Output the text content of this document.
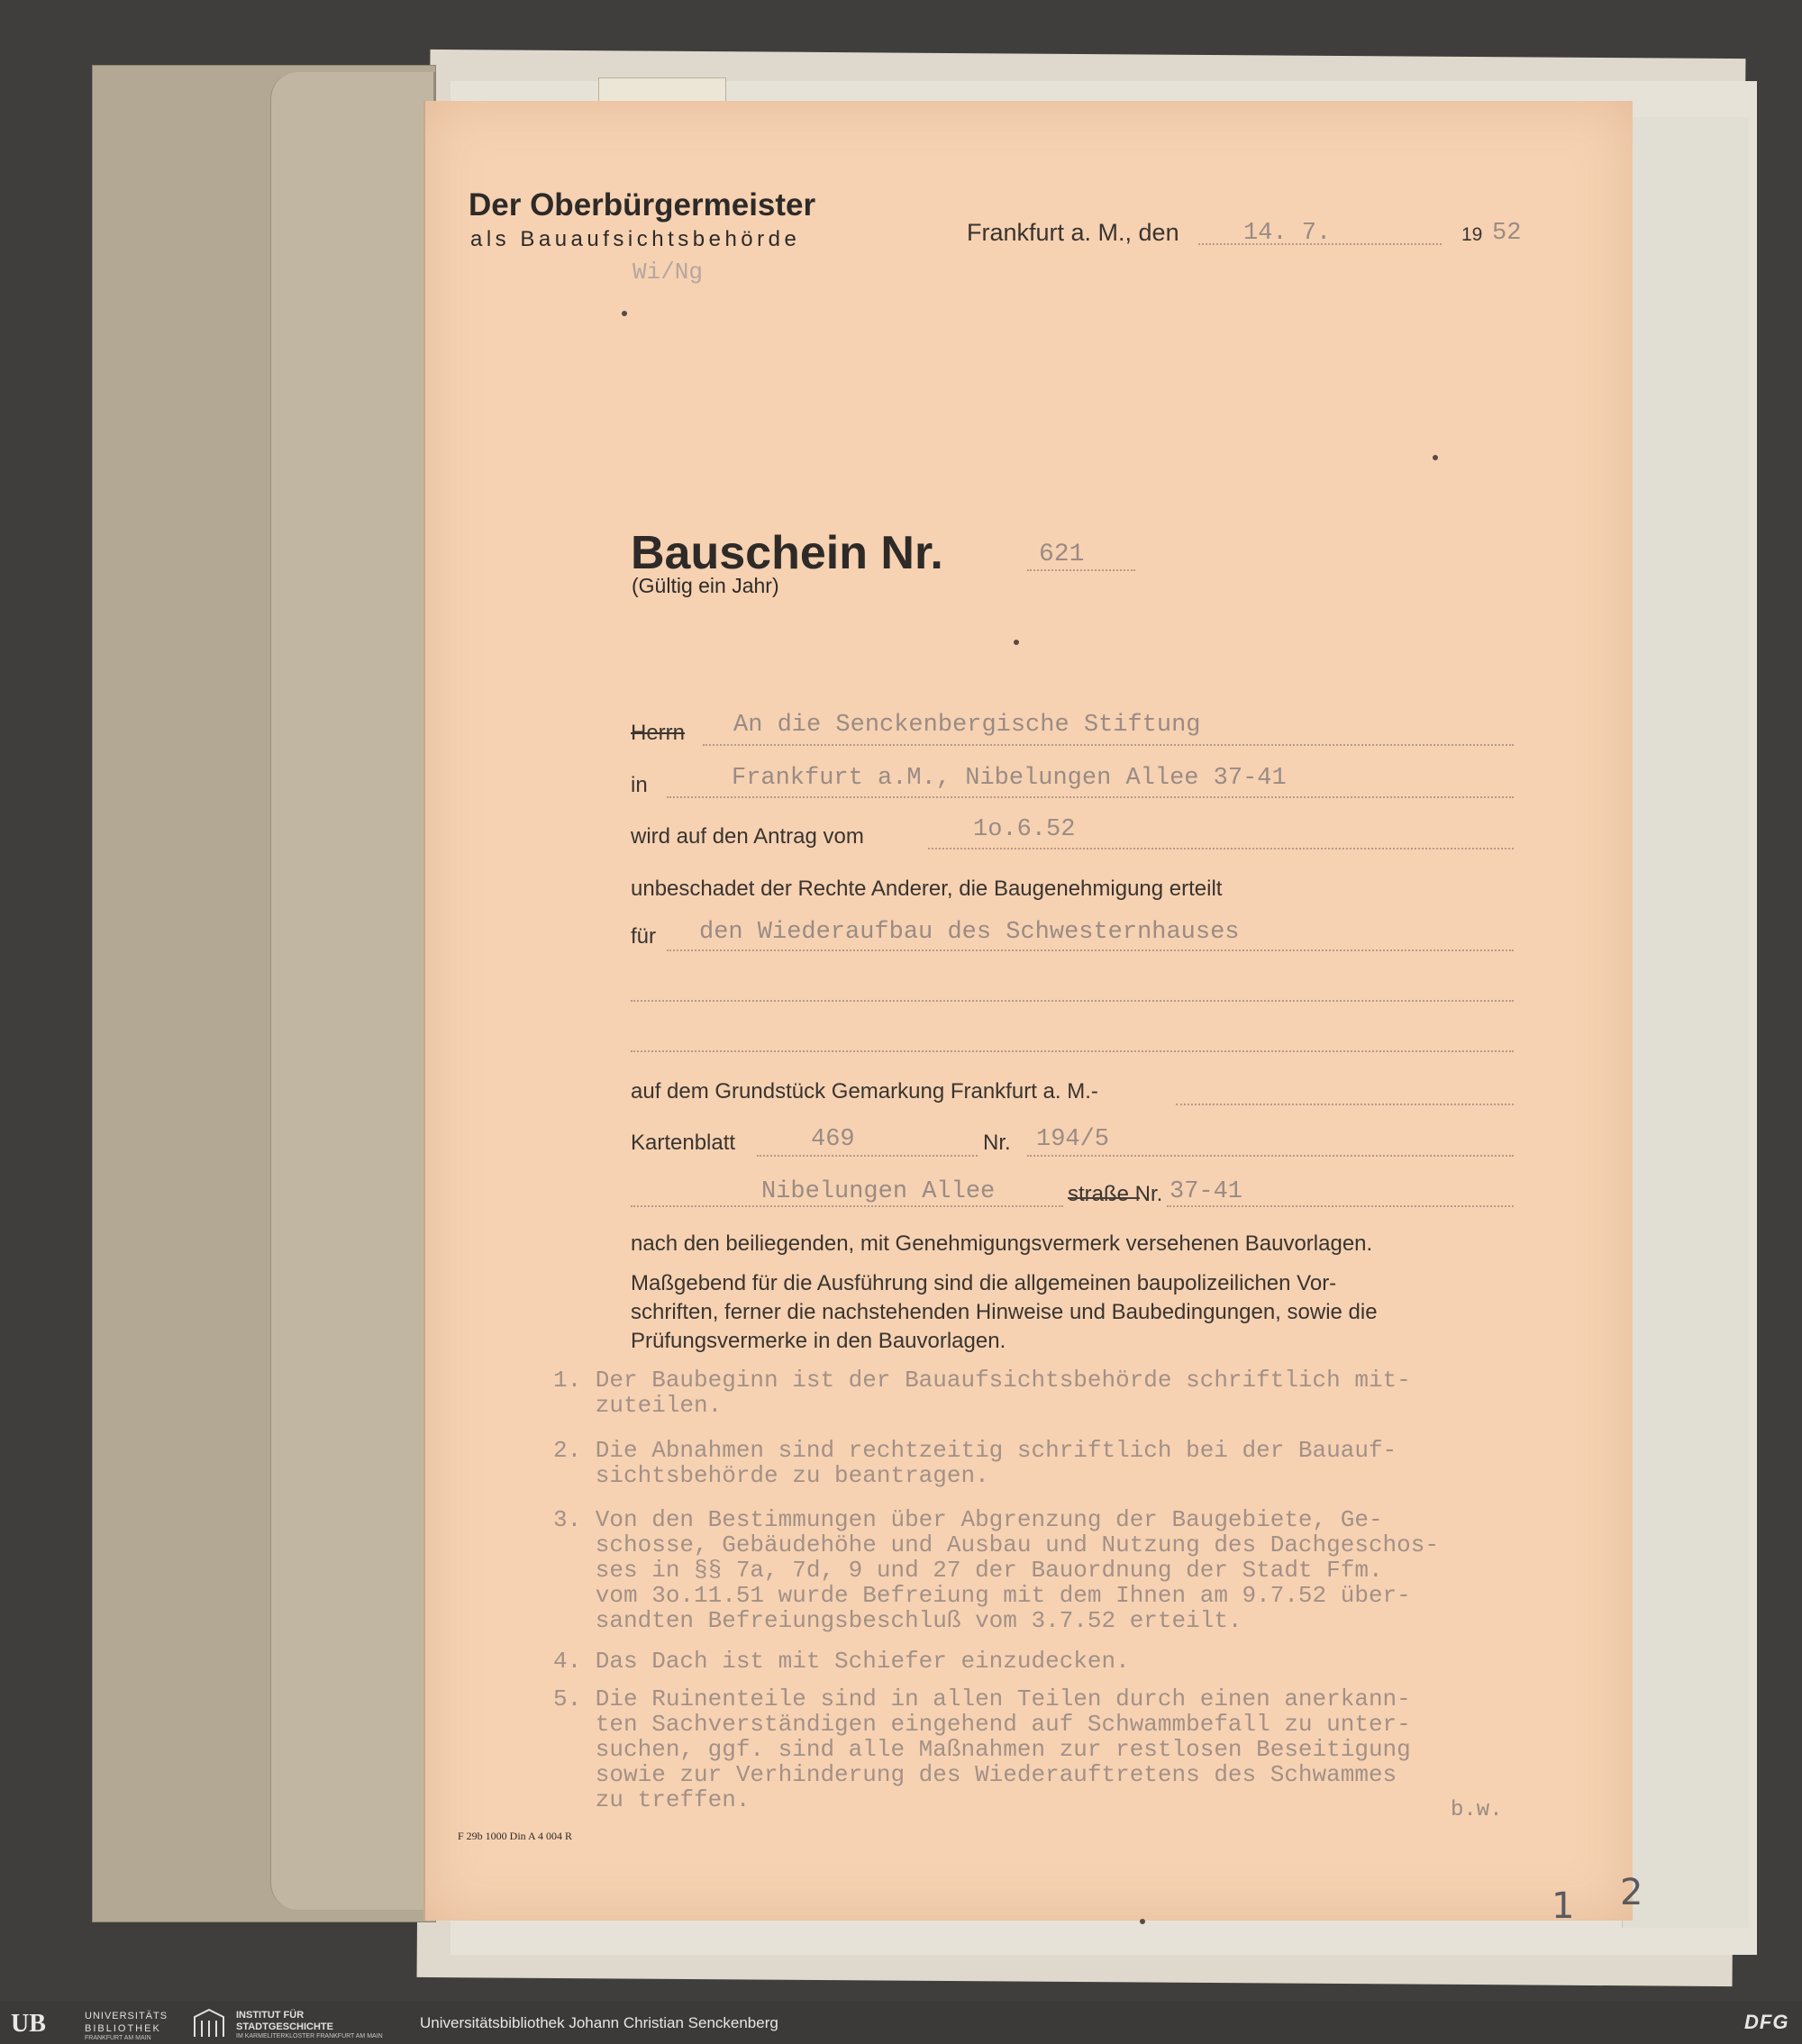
Der Oberbürgermeister
als Bauaufsichtsbehörde	Frankfurt a. M., den	14. 7.	19 52
Wi/Ng
Bauschein Nr.	621
(Gültig ein Jahr)
Herrn An die Senckenbergische Stiftung
in	Frankfurt a.M., Nibelungen Allee 37-41
wird auf den Antrag vom	1o.6.52
unbeschadet der Rechte Anderer, die Baugenehmigung erteilt
für den Wiederaufbau des Schwesternhauses
auf dem Grundstück Gemarkung Frankfurt a. M.-
Kartenblatt	469	Nr. 194/5
Nibelungen Allee	straße Nr. 37-41
nach den beiliegenden, mit Genehmigungsvermerk versehenen Bauvorlagen.
Maßgebend für die Ausführung sind die allgemeinen baupolizeilichen Vor-
schriften, ferner die nachstehenden Hinweise und Baubedingungen, sowie die
Prüfungsvermerke in den Bauvorlagen.
1. Der Baubeginn ist der Bauaufsichtsbehörde schriftlich mit-
zuteilen.
2. Die Abnahmen sind rechtzeitig schriftlich bei der Bauauf-
sichtsbehörde zu beantragen.
3. Von den Bestimmungen über Abgrenzung der Baugebiete, Ge-
schosse, Gebäudehöhe und Ausbau und Nutzung des Dachgeschos-
ses in §§ 7a, 7d, 9 und 27 der Bauordnung der Stadt Ffm.
vom 3o.11.51 wurde Befreiung mit dem Ihnen am 9.7.52 über-
sandten Befreiungsbeschluß vom 3.7.52 erteilt.
4. Das Dach ist mit Schiefer einzudecken.
5. Die Ruinenteile sind in allen Teilen durch einen anerkann-
ten Sachverständigen eingehend auf Schwammbefall zu unter-
suchen, ggf. sind alle Maßnahmen zur restlosen Beseitigung
sowie zur Verhinderung des Wiederauftretens des Schwammes
zu treffen.	b.w.
F 29b 1000 Din A 4 004 R
1 2
UB	UNIVERSITÄTS
BIBLIOTHEK
FRANKFURT AM MAIN
INSTITUT FÜR
STADTGESCHICHTE
IM KARMELITERKLOSTER FRANKFURT AM MAIN
Universitätsbibliothek Johann Christian Senckenberg	DFG
